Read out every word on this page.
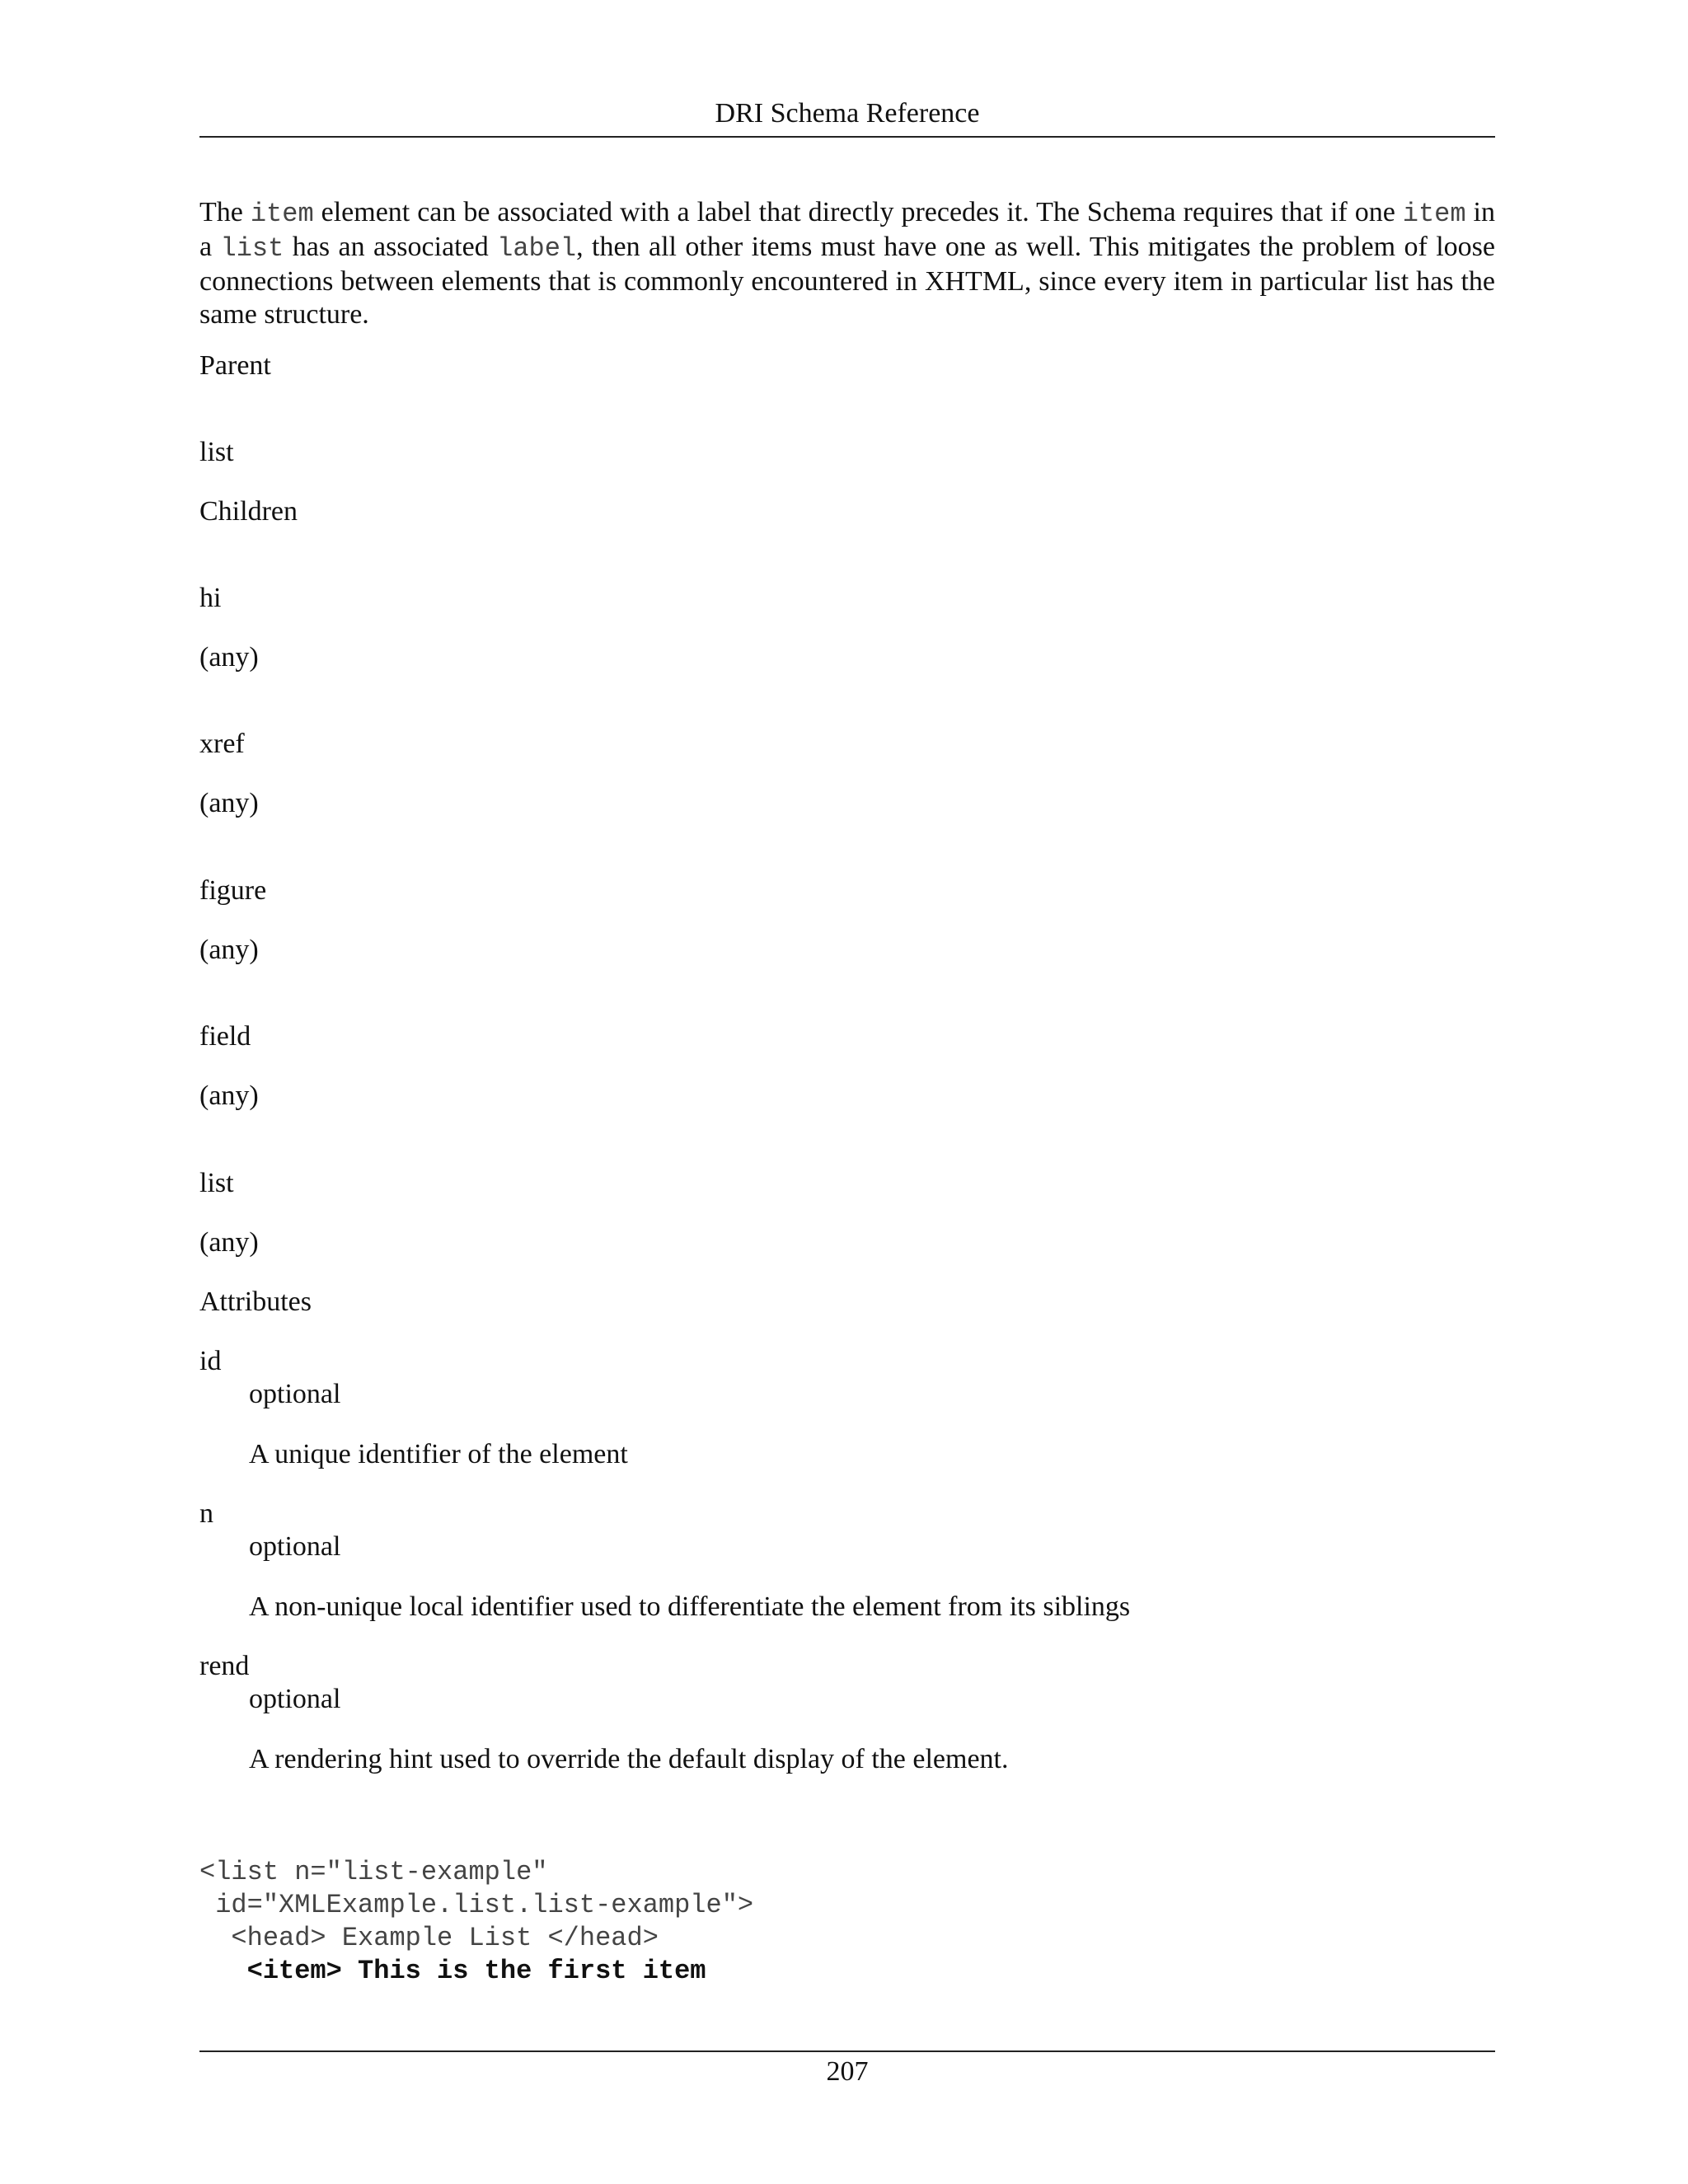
DRI Schema Reference

The item element can be associated with a label that directly precedes it. The Schema requires that if one item in a list has an associated label, then all other items must have one as well. This mitigates the problem of loose connections between elements that is commonly encountered in XHTML, since every item in particular list has the same structure.

Parent
list
Children
hi
(any)
xref
(any)
figure
(any)
field
(any)
list
(any)
Attributes
id
optional
A unique identifier of the element
n
optional
A non-unique local identifier used to differentiate the element from its siblings
rend
optional
A rendering hint used to override the default display of the element.
<list n="list-example"
id="XMLExample.list.list-example">
<head> Example List </head>
<item> This is the first item
207
